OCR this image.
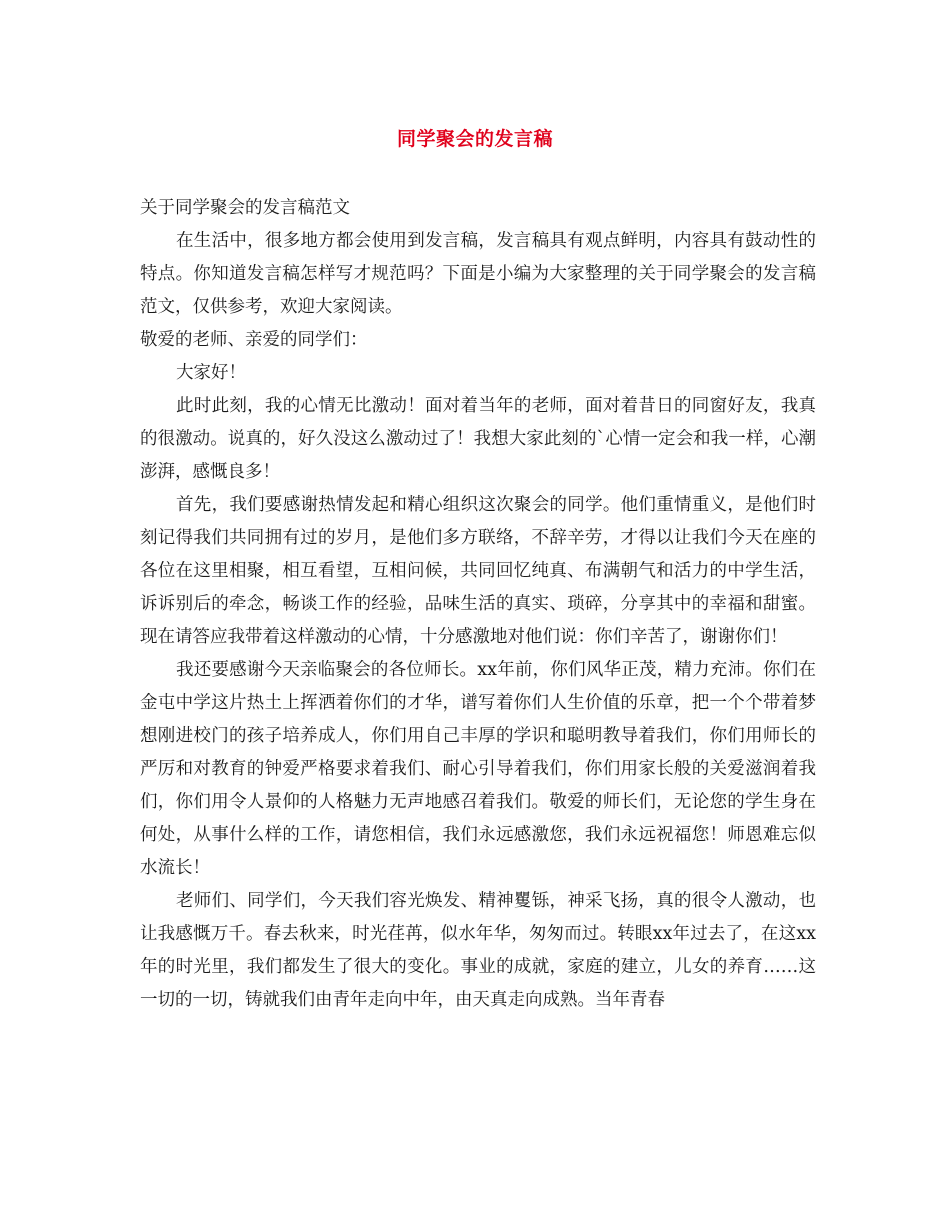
同学聚会的发言稿

关于同学聚会的发言稿范文

在生活中，很多地方都会使用到发言稿，发言稿具有观点鲜明，内容具有鼓动性的特点。你知道发言稿怎样写才规范吗？下面是小编为大家整理的关于同学聚会的发言稿范文，仅供参考，欢迎大家阅读。

敬爱的老师、亲爱的同学们：

大家好！

此时此刻，我的心情无比激动！面对着当年的老师，面对着昔日的同窗好友，我真的很激动。说真的，好久没这么激动过了！我想大家此刻的`心情一定会和我一样，心潮澎湃，感慨良多！

首先，我们要感谢热情发起和精心组织这次聚会的同学。他们重情重义，是他们时刻记得我们共同拥有过的岁月，是他们多方联络，不辞辛劳，才得以让我们今天在座的各位在这里相聚，相互看望，互相问候，共同回忆纯真、布满朝气和活力的中学生活，诉诉别后的牵念，畅谈工作的经验，品味生活的真实、琐碎，分享其中的幸福和甜蜜。现在请答应我带着这样激动的心情，十分感激地对他们说：你们辛苦了，谢谢你们！

我还要感谢今天亲临聚会的各位师长。xx年前，你们风华正茂，精力充沛。你们在金屯中学这片热土上挥洒着你们的才华，谱写着你们人生价值的乐章，把一个个带着梦想刚进校门的孩子培养成人，你们用自己丰厚的学识和聪明教导着我们，你们用师长的严厉和对教育的钟爱严格要求着我们、耐心引导着我们，你们用家长般的关爱滋润着我们，你们用令人景仰的人格魅力无声地感召着我们。敬爱的师长们，无论您的学生身在何处，从事什么样的工作，请您相信，我们永远感激您，我们永远祝福您！师恩难忘似水流长！

老师们、同学们，今天我们容光焕发、精神矍铄，神采飞扬，真的很令人激动，也让我感慨万千。春去秋来，时光荏苒，似水年华，匆匆而过。转眼xx年过去了，在这xx年的时光里，我们都发生了很大的变化。事业的成就，家庭的建立，儿女的养育……这一切的一切，铸就我们由青年走向中年，由天真走向成熟。当年青春
